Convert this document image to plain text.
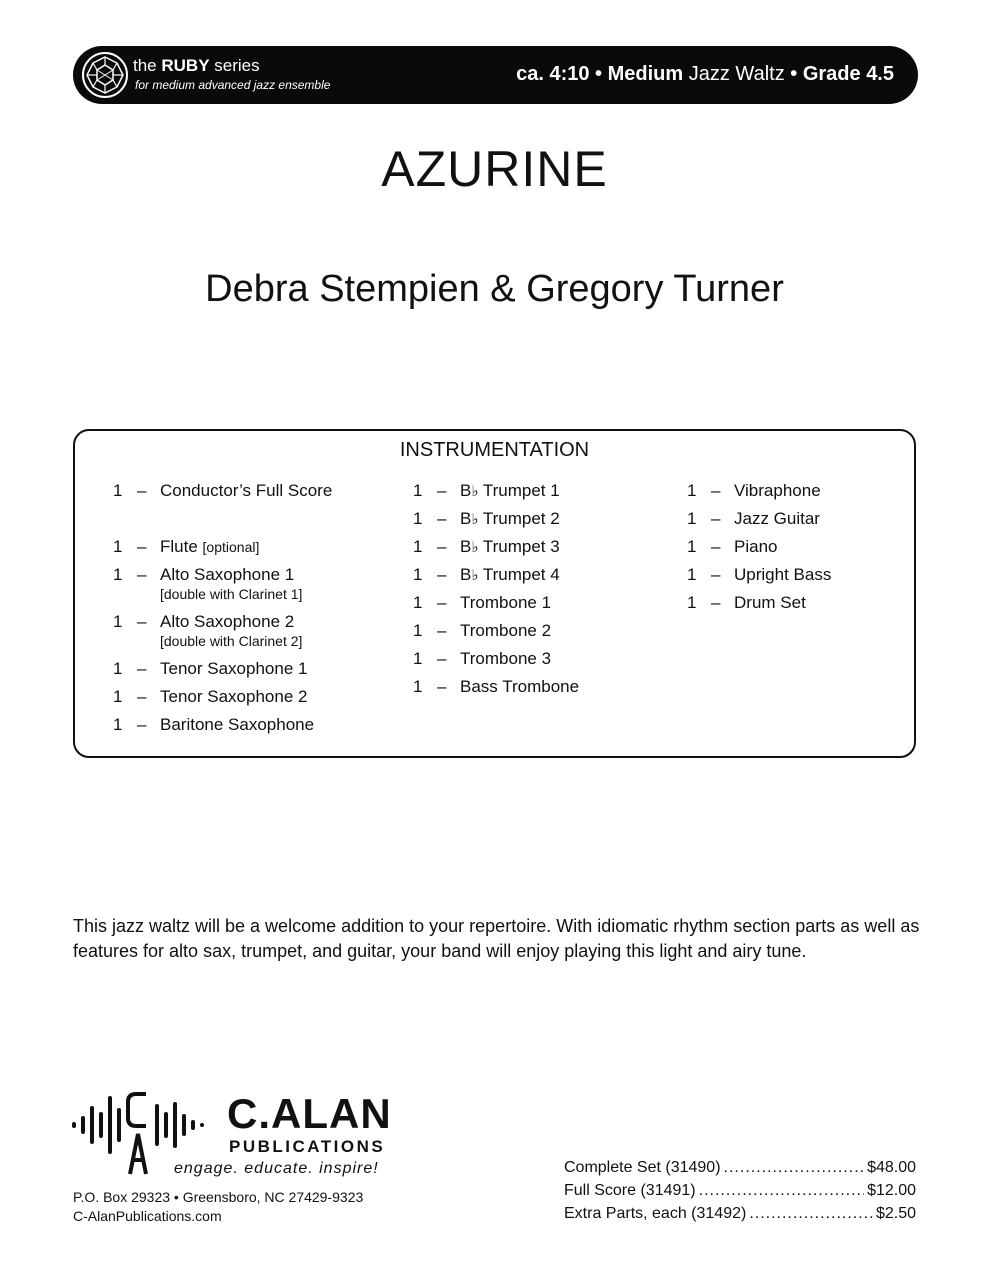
the RUBY series
for medium advanced jazz ensemble	ca. 4:10 • Medium Jazz Waltz • Grade 4.5
AZURINE
Debra Stempien & Gregory Turner
INSTRUMENTATION
1 – Conductor’s Full Score
1 – Flute [optional]
1 – Alto Saxophone 1
[double with Clarinet 1]
1 – Alto Saxophone 2
[double with Clarinet 2]
1 – Tenor Saxophone 1
1 – Tenor Saxophone 2
1 – Baritone Saxophone
1 – B♭ Trumpet 1
1 – B♭ Trumpet 2
1 – B♭ Trumpet 3
1 – B♭ Trumpet 4
1 – Trombone 1
1 – Trombone 2
1 – Trombone 3
1 – Bass Trombone
1 – Vibraphone
1 – Jazz Guitar
1 – Piano
1 – Upright Bass
1 – Drum Set
This jazz waltz will be a welcome addition to your repertoire. With idiomatic rhythm section parts as well as features for alto sax, trumpet, and guitar, your band will enjoy playing this light and airy tune.
C.ALAN
PUBLICATIONS
engage. educate. inspire!
P.O. Box 29323 • Greensboro, NC 27429-9323
C-AlanPublications.com
Complete Set (31490) .....	$48.00
Full Score (31491) .....	$12.00
Extra Parts, each (31492) .....	$2.50
